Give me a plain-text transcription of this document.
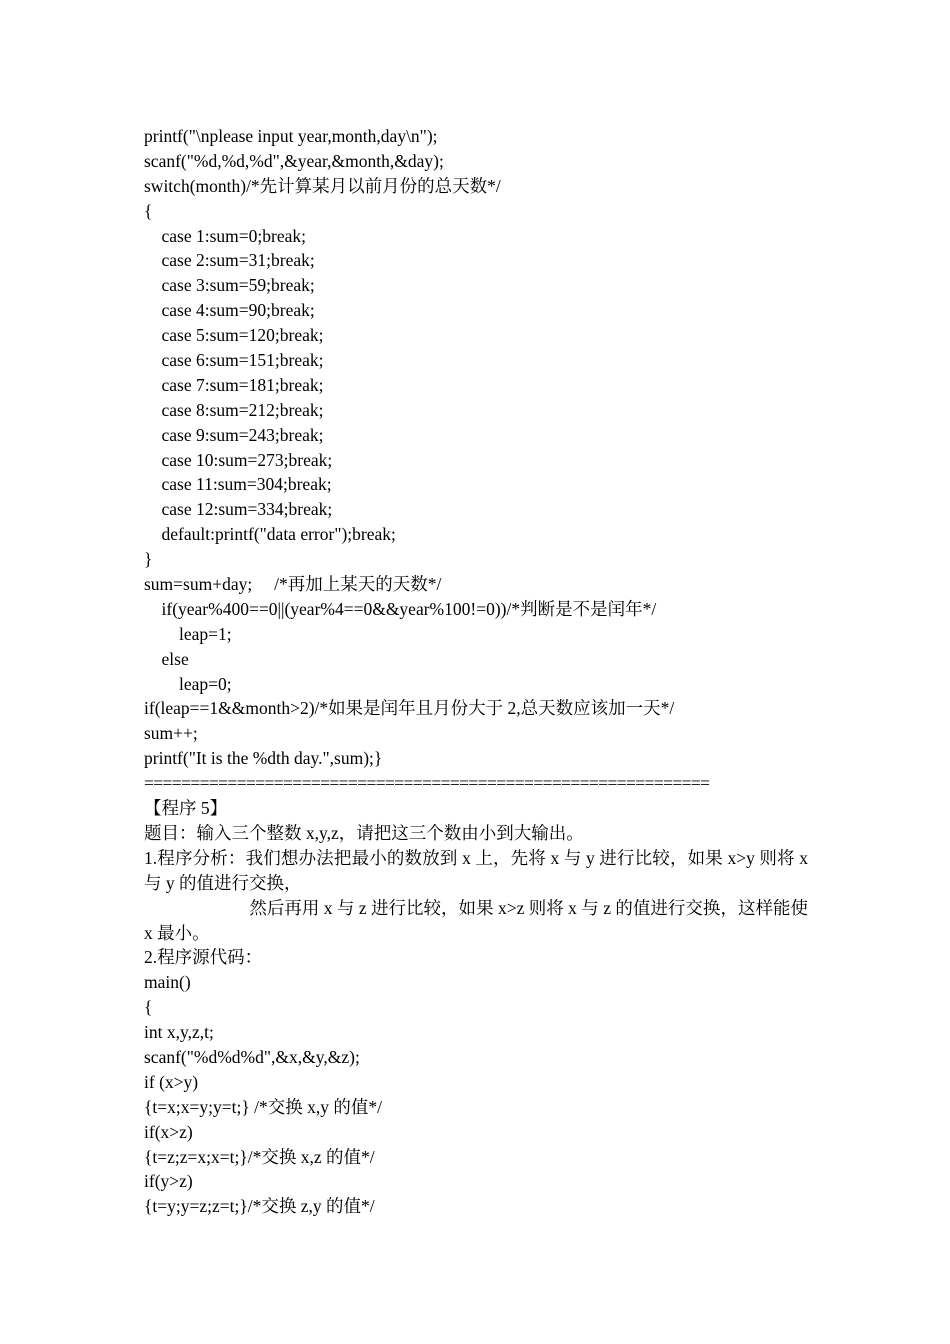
printf("\nplease input year,month,day\n");
scanf("%d,%d,%d",&year,&month,&day);
switch(month)/*先计算某月以前月份的总天数*/
{
case 1:sum=0;break;
case 2:sum=31;break;
case 3:sum=59;break;
case 4:sum=90;break;
case 5:sum=120;break;
case 6:sum=151;break;
case 7:sum=181;break;
case 8:sum=212;break;
case 9:sum=243;break;
case 10:sum=273;break;
case 11:sum=304;break;
case 12:sum=334;break;
default:printf("data error");break;
}
sum=sum+day;     /*再加上某天的天数*/
if(year%400==0||(year%4==0&&year%100!=0))/*判断是不是闰年*/
leap=1;
else
leap=0;
if(leap==1&&month>2)/*如果是闰年且月份大于 2,总天数应该加一天*/
sum++;
printf("It is the %dth day.",sum);}
=============================================================
【程序 5】
题目：输入三个整数 x,y,z，请把这三个数由小到大输出。
1.程序分析：我们想办法把最小的数放到 x 上，先将 x 与 y 进行比较，如果 x>y 则将 x 与 y 的值进行交换，
然后再用 x 与 z 进行比较，如果 x>z 则将 x 与 z 的值进行交换，这样能使 x 最小。
2.程序源代码：
main()
{
int x,y,z,t;
scanf("%d%d%d",&x,&y,&z);
if (x>y)
{t=x;x=y;y=t;} /*交换 x,y 的值*/
if(x>z)
{t=z;z=x;x=t;}/*交换 x,z 的值*/
if(y>z)
{t=y;y=z;z=t;}/*交换 z,y 的值*/
